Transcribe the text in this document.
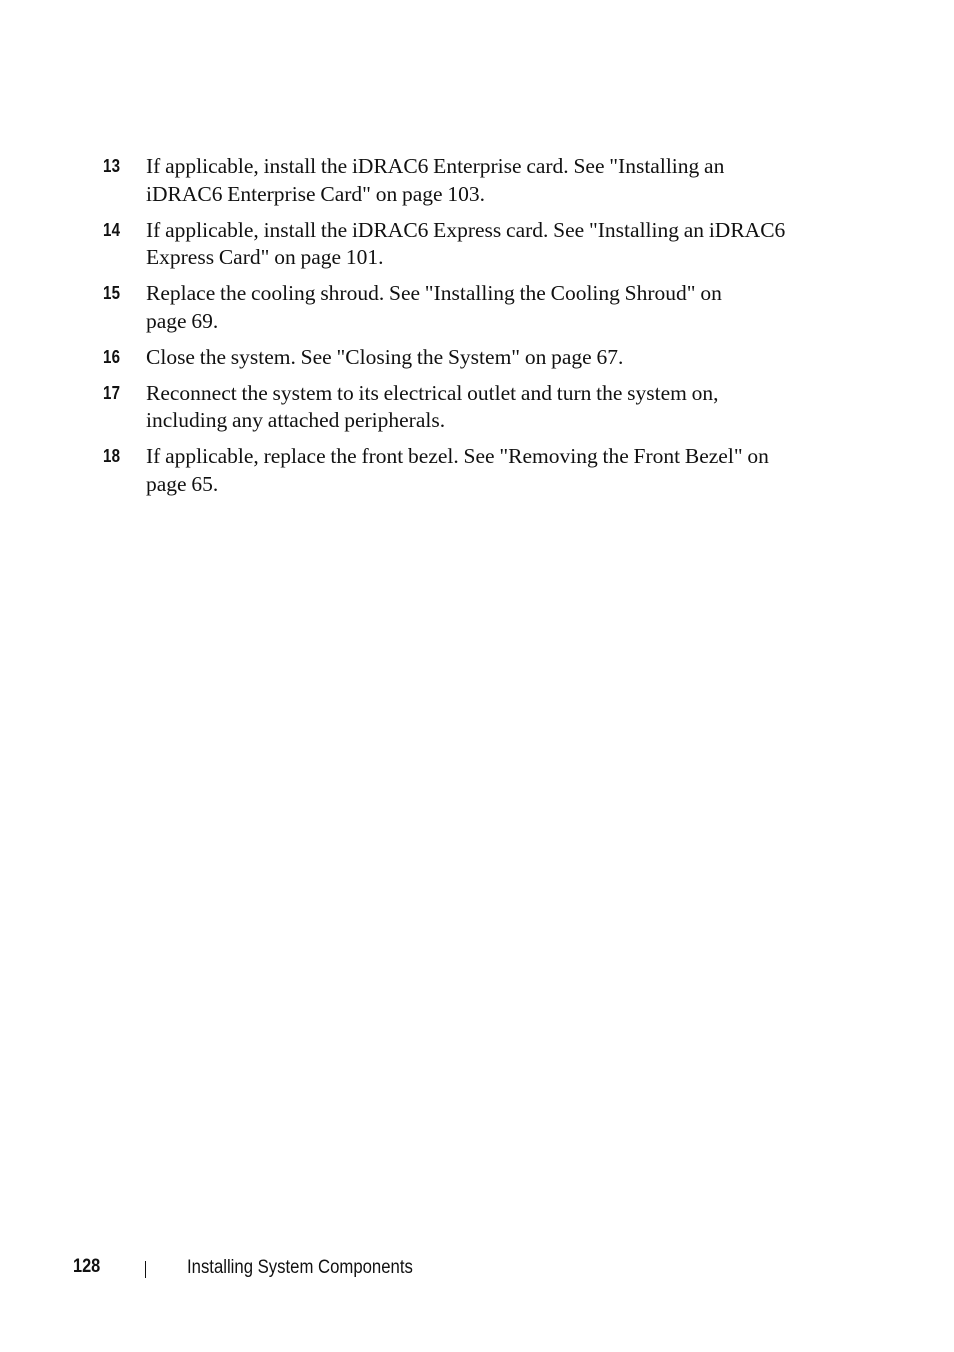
13 If applicable, install the iDRAC6 Enterprise card. See "Installing an
iDRAC6 Enterprise Card" on page 103.
14 If applicable, install the iDRAC6 Express card. See "Installing an iDRAC6
Express Card" on page 101.
15 Replace the cooling shroud. See "Installing the Cooling Shroud" on
page 69.
16 Close the system. See "Closing the System" on page 67.
17 Reconnect the system to its electrical outlet and turn the system on,
including any attached peripherals.
18 If applicable, replace the front bezel. See "Removing the Front Bezel" on
page 65.
128	Installing System Components
